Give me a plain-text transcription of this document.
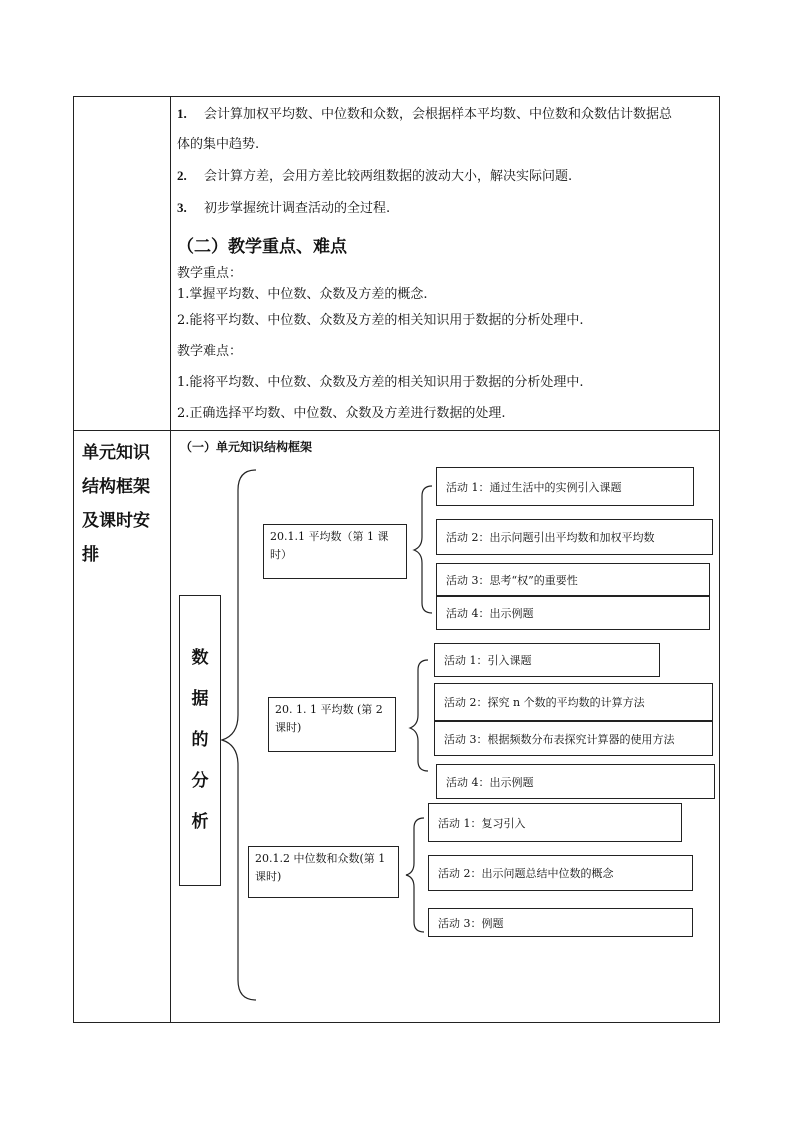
1. 会计算加权平均数、中位数和众数，会根据样本平均数、中位数和众数估计数据总
体的集中趋势.
2. 会计算方差，会用方差比较两组数据的波动大小，解决实际问题.
3. 初步掌握统计调查活动的全过程.
（二）教学重点、难点
教学重点：
1.掌握平均数、中位数、众数及方差的概念.
2.能将平均数、中位数、众数及方差的相关知识用于数据的分析处理中.
教学难点：
1.能将平均数、中位数、众数及方差的相关知识用于数据的分析处理中.
2.正确选择平均数、中位数、众数及方差进行数据的处理.
单元知识结构框架及课时安排
（一）单元知识结构框架
数
据
的
分
析
20.1.1 平均数（第 1 课时）
20. 1. 1 平均数 (第 2 课时)
20.1.2 中位数和众数(第 1 课时)
活动 1：通过生活中的实例引入课题
活动 2：出示问题引出平均数和加权平均数
活动 3：思考“权”的重要性
活动 4：出示例题
活动 1：引入课题
活动 2：探究 n 个数的平均数的计算方法
活动 3：根据频数分布表探究计算器的使用方法
活动 4：出示例题
活动 1：复习引入
活动 2：出示问题总结中位数的概念
活动 3：例题
